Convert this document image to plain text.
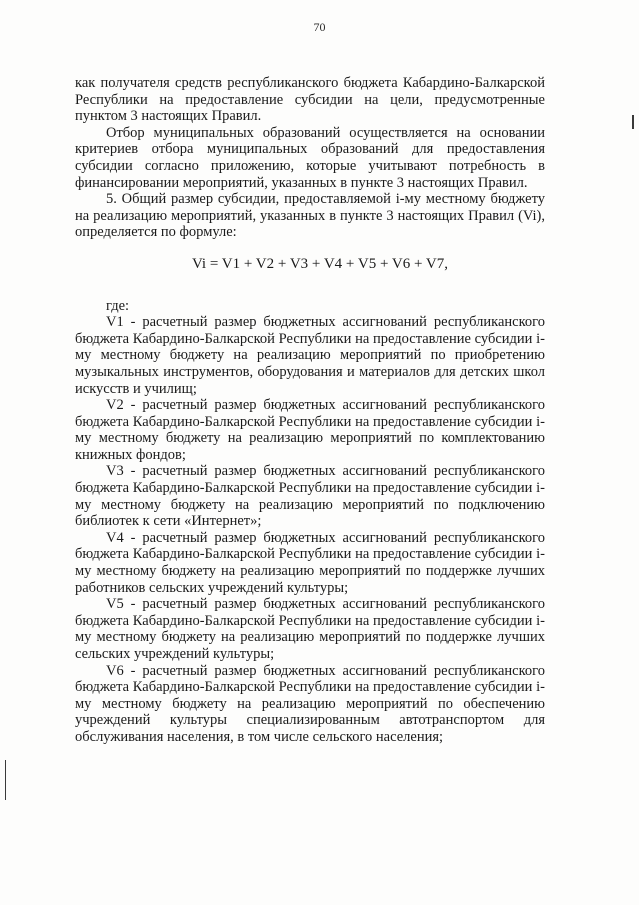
70

как получателя средств республиканского бюджета Кабардино-Балкарской Республики на предоставление субсидии на цели, предусмотренные пунктом 3 настоящих Правил.

Отбор муниципальных образований осуществляется на основании критериев отбора муниципальных образований для предоставления субсидии согласно приложению, которые учитывают потребность в финансировании мероприятий, указанных в пункте 3 настоящих Правил.

5. Общий размер субсидии, предоставляемой i-му местному бюджету на реализацию мероприятий, указанных в пункте 3 настоящих Правил (Vi), определяется по формуле:

Vi = V1 + V2 + V3 + V4 + V5 + V6 + V7,

где:

V1 - расчетный размер бюджетных ассигнований республиканского бюджета Кабардино-Балкарской Республики на предоставление субсидии i-му местному бюджету на реализацию мероприятий по приобретению музыкальных инструментов, оборудования и материалов для детских школ искусств и училищ;

V2 - расчетный размер бюджетных ассигнований республиканского бюджета Кабардино-Балкарской Республики на предоставление субсидии i-му местному бюджету на реализацию мероприятий по комплектованию книжных фондов;

V3 - расчетный размер бюджетных ассигнований республиканского бюджета Кабардино-Балкарской Республики на предоставление субсидии i-му местному бюджету на реализацию мероприятий по подключению библиотек к сети «Интернет»;

V4 - расчетный размер бюджетных ассигнований республиканского бюджета Кабардино-Балкарской Республики на предоставление субсидии i-му местному бюджету на реализацию мероприятий по поддержке лучших работников сельских учреждений культуры;

V5 - расчетный размер бюджетных ассигнований республиканского бюджета Кабардино-Балкарской Республики на предоставление субсидии i-му местному бюджету на реализацию мероприятий по поддержке лучших сельских учреждений культуры;

V6 - расчетный размер бюджетных ассигнований республиканского бюджета Кабардино-Балкарской Республики на предоставление субсидии i-му местному бюджету на реализацию мероприятий по обеспечению учреждений культуры специализированным автотранспортом для обслуживания населения, в том числе сельского населения;
